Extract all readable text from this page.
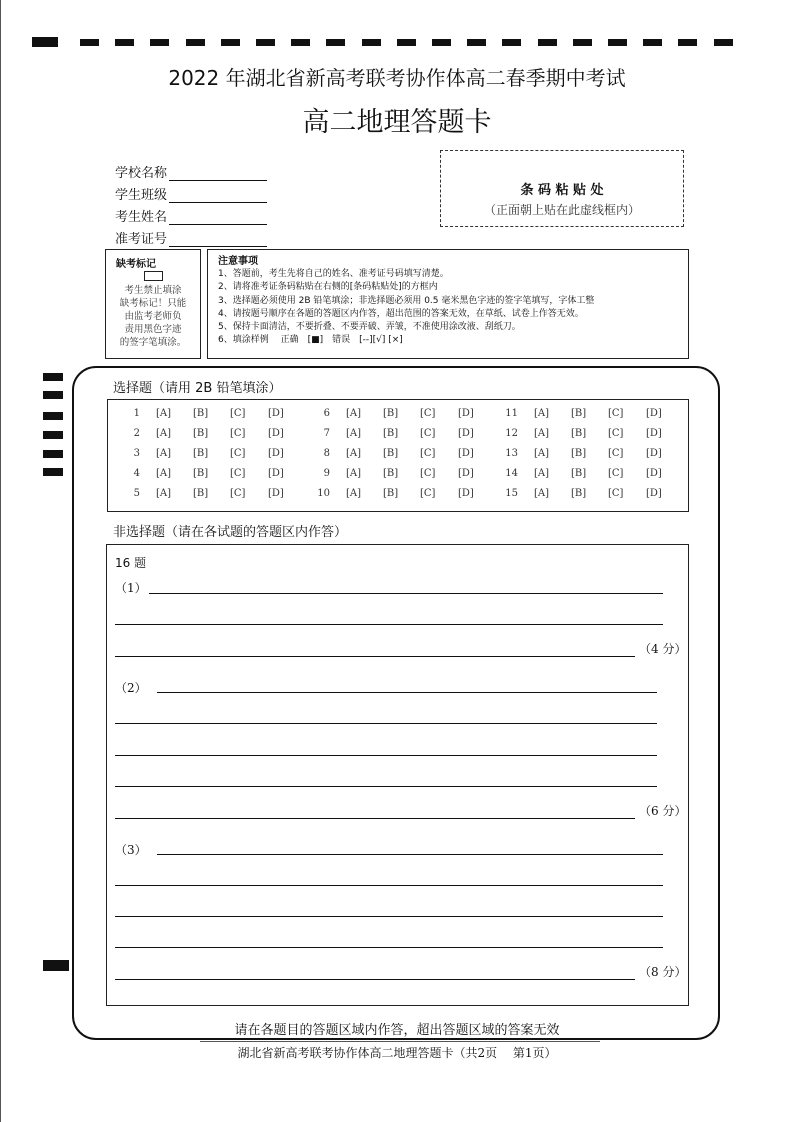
2022 年湖北省新高考联考协作体高二春季期中考试
高二地理答题卡
学校名称
学生班级
考生姓名
准考证号
条 码 粘 贴 处
（正面朝上贴在此虚线框内）
缺考标记
考生禁止填涂
缺考标记！只能
由监考老师负
责用黑色字迹
的签字笔填涂。

注意事项

1、答题前，考生先将自己的姓名、准考证号码填写清楚。

2、请将准考证条码粘贴在右侧的[条码粘贴处]的方框内

3、选择题必须使用 2B 铅笔填涂；非选择题必须用 0.5 毫米黑色字迹的签字笔填写，字体工整

4、请按题号顺序在各题的答题区内作答，超出范围的答案无效，在草纸、试卷上作答无效。

5、保持卡面清洁，不要折叠、不要弄破、弄皱，不准使用涂改液、刮纸刀。

6、填涂样例　 正确　[■]　错误　[--][√] [×]

选择题（请用 2B 铅笔填涂）
1 [A] [B] [C] [D]
2 [A] [B] [C] [D]
3 [A] [B] [C] [D]
4 [A] [B] [C] [D]
5 [A] [B] [C] [D]
6 [A] [B] [C] [D]
7 [A] [B] [C] [D]
8 [A] [B] [C] [D]
9 [A] [B] [C] [D]
10 [A] [B] [C] [D]
11 [A] [B] [C] [D]
12 [A] [B] [C] [D]
13 [A] [B] [C] [D]
14 [A] [B] [C] [D]
15 [A] [B] [C] [D]
非选择题（请在各试题的答题区内作答）
16 题
（1）
（4 分）
（2）
（6 分）
（3）
（8 分）
请在各题目的答题区域内作答，超出答题区域的答案无效
湖北省新高考联考协作体高二地理答题卡（共2页　 第1页）
